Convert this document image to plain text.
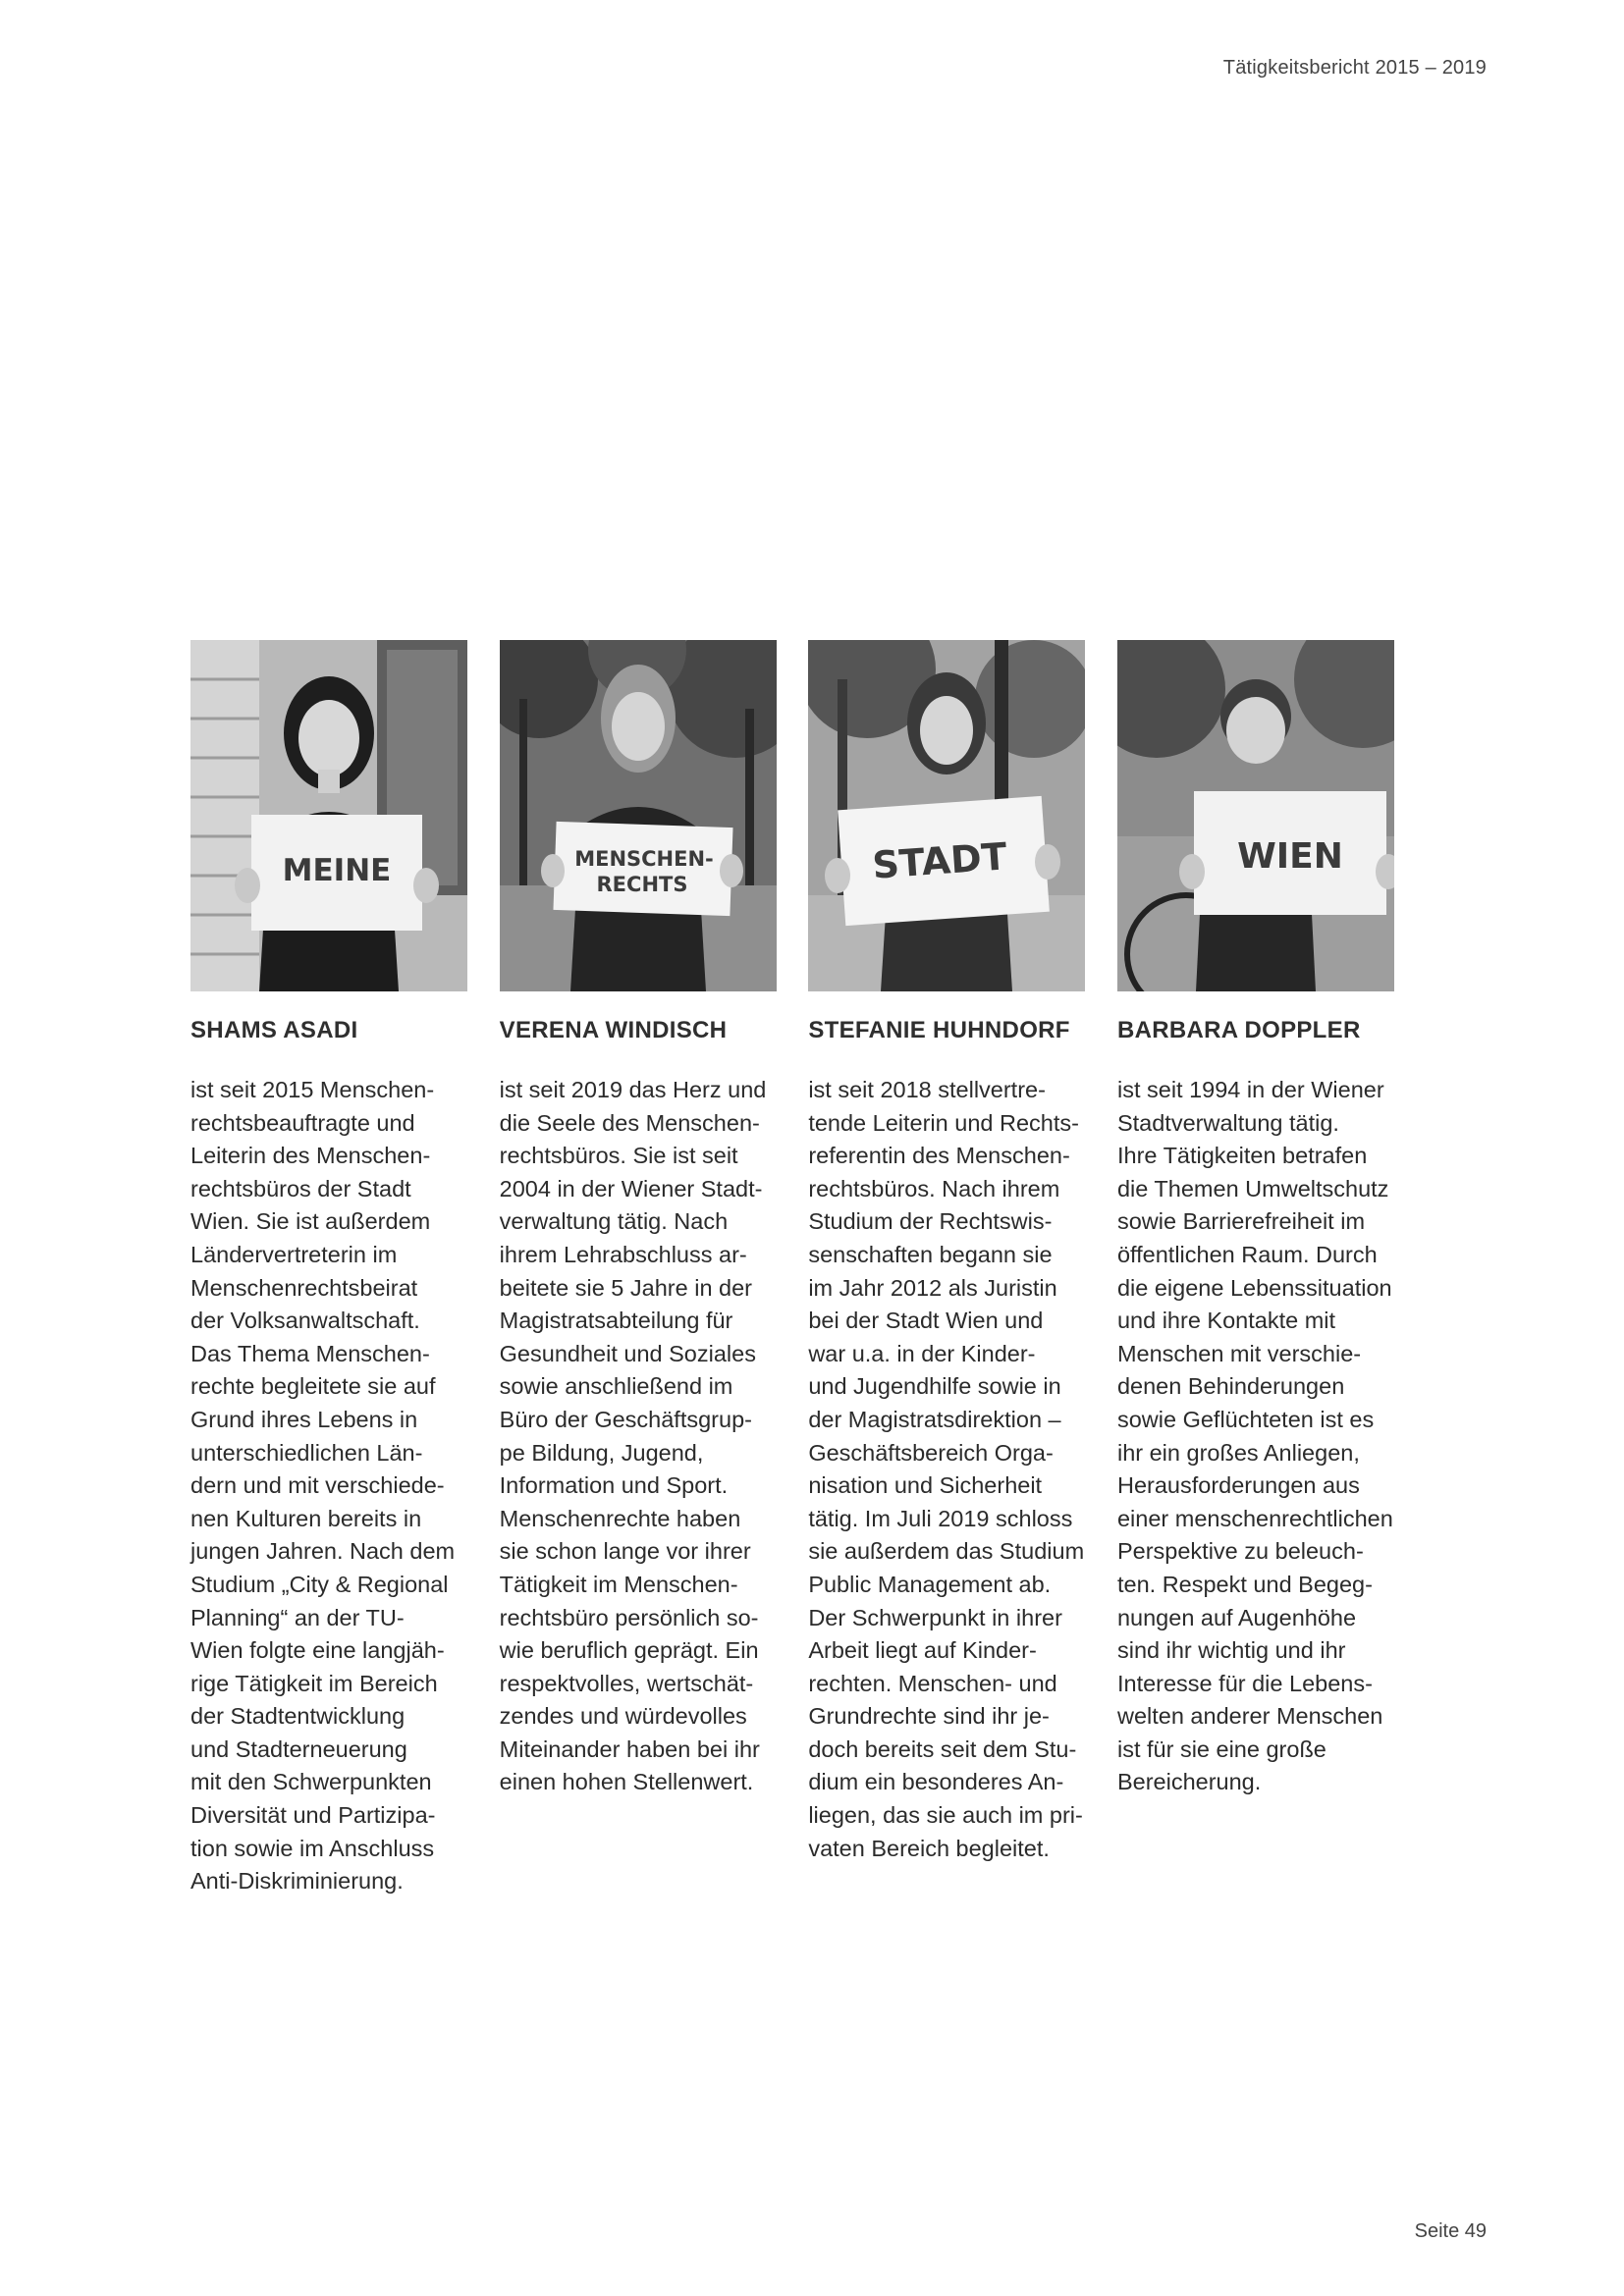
Tätigkeitsbericht 2015 – 2019
MEINE
SHAMS ASADI
ist seit 2015 Menschen-
rechtsbeauftragte und
Leiterin des Menschen-
rechtsbüros der Stadt
Wien. Sie ist außerdem
Ländervertreterin im
Menschenrechtsbeirat
der Volksanwaltschaft.
Das Thema Menschen-
rechte begleitete sie auf
Grund ihres Lebens in
unterschiedlichen Län-
dern und mit verschiede-
nen Kulturen bereits in
jungen Jahren. Nach dem
Studium „City & Regional
Planning“ an der TU-
Wien folgte eine langjäh-
rige Tätigkeit im Bereich
der Stadtentwicklung
und Stadterneuerung
mit den Schwerpunkten
Diversität und Partizipa-
tion sowie im Anschluss
Anti-Diskriminierung.
MENSCHEN-
RECHTS
VERENA WINDISCH
ist seit 2019 das Herz und
die Seele des Menschen-
rechtsbüros. Sie ist seit
2004 in der Wiener Stadt-
verwaltung tätig. Nach
ihrem Lehrabschluss ar-
beitete sie 5 Jahre in der
Magistratsabteilung für
Gesundheit und Soziales
sowie anschließend im
Büro der Geschäftsgrup-
pe Bildung, Jugend,
Information und Sport.
Menschenrechte haben
sie schon lange vor ihrer
Tätigkeit im Menschen-
rechtsbüro persönlich so-
wie beruflich geprägt. Ein
respektvolles, wertschät-
zendes und würdevolles
Miteinander haben bei ihr
einen hohen Stellenwert.
STADT
STEFANIE HUHNDORF
ist seit 2018 stellvertre-
tende Leiterin und Rechts-
referentin des Menschen-
rechtsbüros. Nach ihrem
Studium der Rechtswis-
senschaften begann sie
im Jahr 2012 als Juristin
bei der Stadt Wien und
war u.a. in der Kinder-
und Jugendhilfe sowie in
der Magistratsdirektion –
Geschäftsbereich Orga-
nisation und Sicherheit
tätig. Im Juli 2019 schloss
sie außerdem das Studium
Public Management ab.
Der Schwerpunkt in ihrer
Arbeit liegt auf Kinder-
rechten. Menschen- und
Grundrechte sind ihr je-
doch bereits seit dem Stu-
dium ein besonderes An-
liegen, das sie auch im pri-
vaten Bereich begleitet.
WIEN
BARBARA DOPPLER
ist seit 1994 in der Wiener
Stadtverwaltung tätig.
Ihre Tätigkeiten betrafen
die Themen Umweltschutz
sowie Barrierefreiheit im
öffentlichen Raum. Durch
die eigene Lebenssituation
und ihre Kontakte mit
Menschen mit verschie-
denen Behinderungen
sowie Geflüchteten ist es
ihr ein großes Anliegen,
Herausforderungen aus
einer menschenrechtlichen
Perspektive zu beleuch-
ten. Respekt und Begeg-
nungen auf Augenhöhe
sind ihr wichtig und ihr
Interesse für die Lebens-
welten anderer Menschen
ist für sie eine große
Bereicherung.
Seite 49
